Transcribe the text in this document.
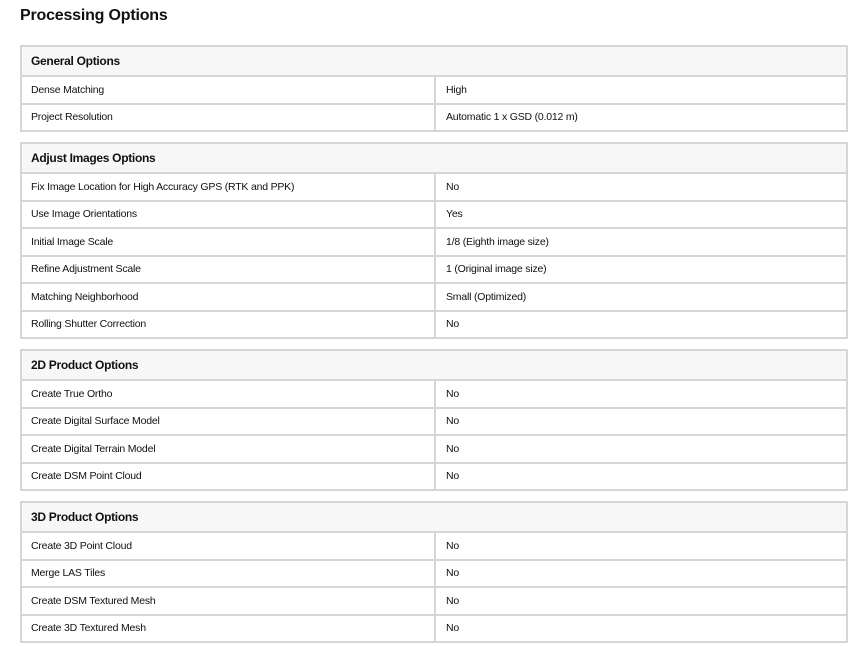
Processing Options
General Options
Dense Matching	High
Project Resolution	Automatic 1 x GSD (0.012 m)
Adjust Images Options
Fix Image Location for High Accuracy GPS (RTK and PPK)	No
Use Image Orientations	Yes
Initial Image Scale	1/8 (Eighth image size)
Refine Adjustment Scale	1 (Original image size)
Matching Neighborhood	Small (Optimized)
Rolling Shutter Correction	No
2D Product Options
Create True Ortho	No
Create Digital Surface Model	No
Create Digital Terrain Model	No
Create DSM Point Cloud	No
3D Product Options
Create 3D Point Cloud	No
Merge LAS Tiles	No
Create DSM Textured Mesh	No
Create 3D Textured Mesh	No
